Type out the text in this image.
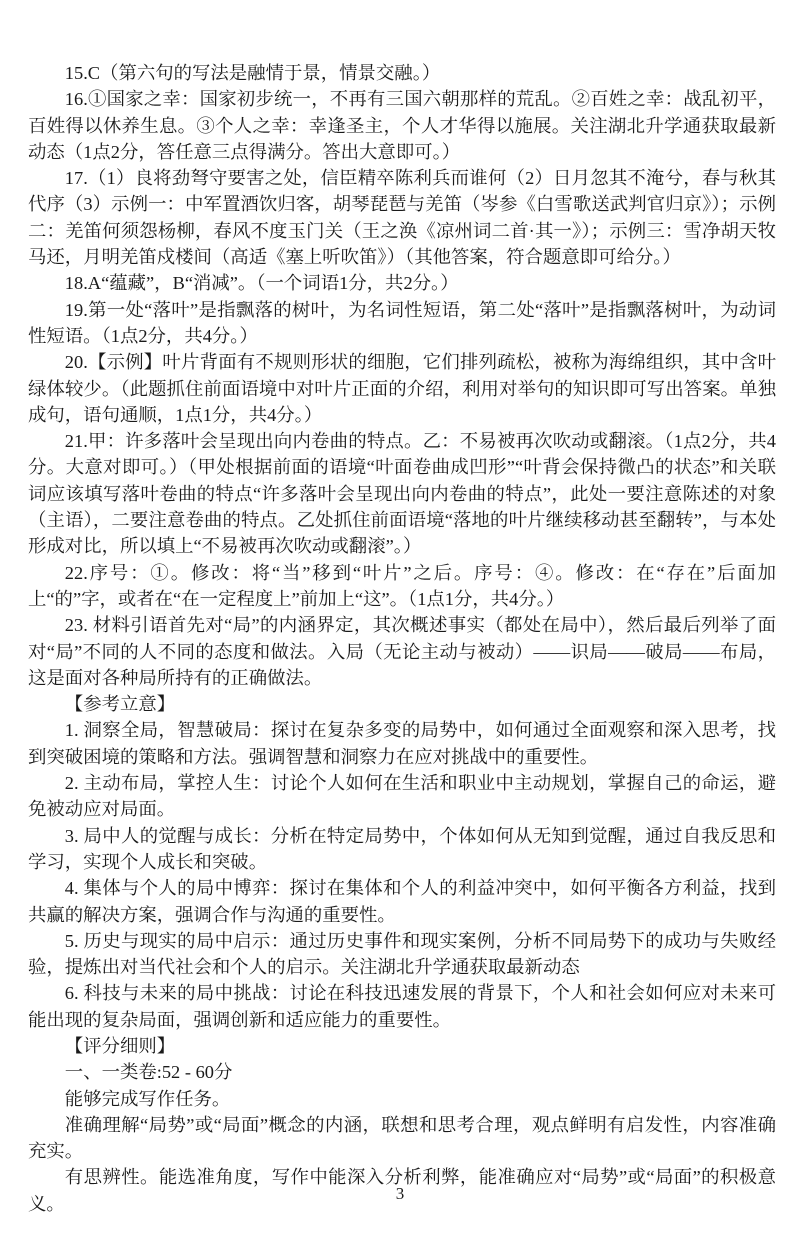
15.C（第六句的写法是融情于景，情景交融。）

16.①国家之幸：国家初步统一，不再有三国六朝那样的荒乱。②百姓之幸：战乱初平，百姓得以休养生息。③个人之幸：幸逢圣主，个人才华得以施展。关注湖北升学通获取最新动态（1点2分，答任意三点得满分。答出大意即可。）

17.（1）良将劲弩守要害之处，信臣精卒陈利兵而谁何（2）日月忽其不淹兮，春与秋其代序（3）示例一：中军置酒饮归客，胡琴琵琶与羌笛（岑参《白雪歌送武判官归京》）；示例二：羌笛何须怨杨柳，春风不度玉门关（王之涣《凉州词二首·其一》）；示例三：雪净胡天牧马还，月明羌笛戍楼间（高适《塞上听吹笛》）（其他答案，符合题意即可给分。）

18.A“蕴藏”，B“消减”。（一个词语1分，共2分。）

19.第一处“落叶”是指飘落的树叶，为名词性短语，第二处“落叶”是指飘落树叶，为动词性短语。（1点2分，共4分。）

20.【示例】叶片背面有不规则形状的细胞，它们排列疏松，被称为海绵组织，其中含叶绿体较少。（此题抓住前面语境中对叶片正面的介绍，利用对举句的知识即可写出答案。单独成句，语句通顺，1点1分，共4分。）

21.甲：许多落叶会呈现出向内卷曲的特点。乙：不易被再次吹动或翻滚。（1点2分，共4分。大意对即可。）（甲处根据前面的语境“叶面卷曲成凹形”“叶背会保持微凸的状态”和关联词应该填写落叶卷曲的特点“许多落叶会呈现出向内卷曲的特点”，此处一要注意陈述的对象（主语），二要注意卷曲的特点。乙处抓住前面语境“落地的叶片继续移动甚至翻转”，与本处形成对比，所以填上“不易被再次吹动或翻滚”。）

22.序号：①。修改：将“当”移到“叶片”之后。序号：④。修改：在“存在”后面加上“的”字，或者在“在一定程度上”前加上“这”。（1点1分，共4分。）

23. 材料引语首先对“局”的内涵界定，其次概述事实（都处在局中），然后最后列举了面对“局”不同的人不同的态度和做法。入局（无论主动与被动）——识局——破局——布局，这是面对各种局所持有的正确做法。

【参考立意】

1. 洞察全局，智慧破局：探讨在复杂多变的局势中，如何通过全面观察和深入思考，找到突破困境的策略和方法。强调智慧和洞察力在应对挑战中的重要性。

2. 主动布局，掌控人生：讨论个人如何在生活和职业中主动规划，掌握自己的命运，避免被动应对局面。

3. 局中人的觉醒与成长：分析在特定局势中，个体如何从无知到觉醒，通过自我反思和学习，实现个人成长和突破。

4. 集体与个人的局中博弈：探讨在集体和个人的利益冲突中，如何平衡各方利益，找到共赢的解决方案，强调合作与沟通的重要性。

5. 历史与现实的局中启示：通过历史事件和现实案例，分析不同局势下的成功与失败经验，提炼出对当代社会和个人的启示。关注湖北升学通获取最新动态

6. 科技与未来的局中挑战：讨论在科技迅速发展的背景下，个人和社会如何应对未来可能出现的复杂局面，强调创新和适应能力的重要性。

【评分细则】

一、一类卷:52 - 60分

能够完成写作任务。

准确理解“局势”或“局面”概念的内涵，联想和思考合理，观点鲜明有启发性，内容准确充实。

有思辨性。能选准角度，写作中能深入分析利弊，能准确应对“局势”或“局面”的积极意义。

3
